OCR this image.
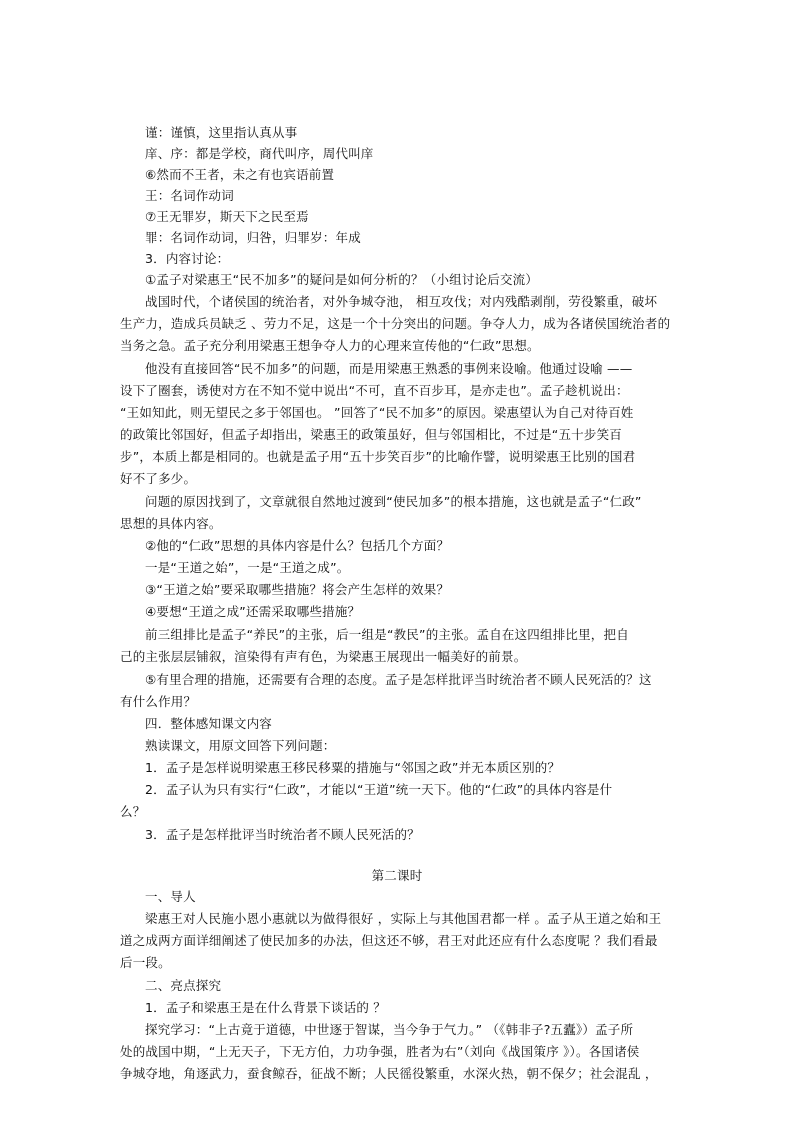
谨：谨慎，这里指认真从事
庠、序：都是学校，商代叫序，周代叫庠
⑥然而不王者，未之有也宾语前置
王：名词作动词
⑦王无罪岁，斯天下之民至焉
罪：名词作动词，归咎，归罪岁：年成
3．内容讨论：
①孟子对梁惠王“民不加多”的疑问是如何分析的？（小组讨论后交流）
战国时代，个诸侯国的统治者，对外争城夺池， 相互攻伐；对内残酷剥削，劳役繁重，破坏
生产力，造成兵员缺乏 、劳力不足，这是一个十分突出的问题。争夺人力，成为各诸侯国统治者的
当务之急。孟子充分利用梁惠王想争夺人力的心理来宣传他的“仁政”思想。
他没有直接回答“民不加多”的问题，而是用梁惠王熟悉的事例来设喻。他通过设喻 ——
设下了圈套，诱使对方在不知不觉中说出“不可，直不百步耳，是亦走也”。孟子趁机说出：
“王如知此，则无望民之多于邻国也。 ”回答了“民不加多”的原因。梁惠望认为自己对待百姓
的政策比邻国好，但孟子却指出，梁惠王的政策虽好，但与邻国相比，不过是“五十步笑百
步”，本质上都是相同的。也就是孟子用“五十步笑百步”的比喻作譬，说明梁惠王比别的国君
好不了多少。
问题的原因找到了，文章就很自然地过渡到“使民加多”的根本措施，这也就是孟子“仁政”
思想的具体内容。
②他的“仁政”思想的具体内容是什么？包括几个方面？
一是“王道之始”，一是“王道之成”。
③“王道之始”要采取哪些措施？将会产生怎样的效果？
④要想“王道之成”还需采取哪些措施？
前三组排比是孟子“养民”的主张，后一组是“教民”的主张。孟自在这四组排比里，把自
己的主张层层铺叙，渲染得有声有色，为梁惠王展现出一幅美好的前景。
⑤有里合理的措施，还需要有合理的态度。孟子是怎样批评当时统治者不顾人民死活的？这
有什么作用？
四．整体感知课文内容
熟读课文，用原文回答下列问题：
1．孟子是怎样说明梁惠王移民移粟的措施与“邻国之政”并无本质区别的？
2．孟子认为只有实行“仁政”，才能以“王道”统一天下。他的“仁政”的具体内容是什
么？
3．孟子是怎样批评当时统治者不顾人民死活的？
第二课时
一、导人
梁惠王对人民施小恩小惠就以为做得很好 ，实际上与其他国君都一样 。孟子从王道之始和王
道之成两方面详细阐述了使民加多的办法，但这还不够，君王对此还应有什么态度呢 ？我们看最
后一段。
二、亮点探究
1．孟子和梁惠王是在什么背景下谈话的 ？
探究学习：“上古竟于道德，中世逐于智谋，当今争于气力。” （《韩非子?五蠹》）孟子所
处的战国中期，“上无天子，下无方伯，力功争强，胜者为右”（刘向《战国策序 》）。各国诸侯
争城夺地，角逐武力，蚕食鲸吞，征战不断；人民徭役繁重，水深火热，朝不保夕；社会混乱 ，
